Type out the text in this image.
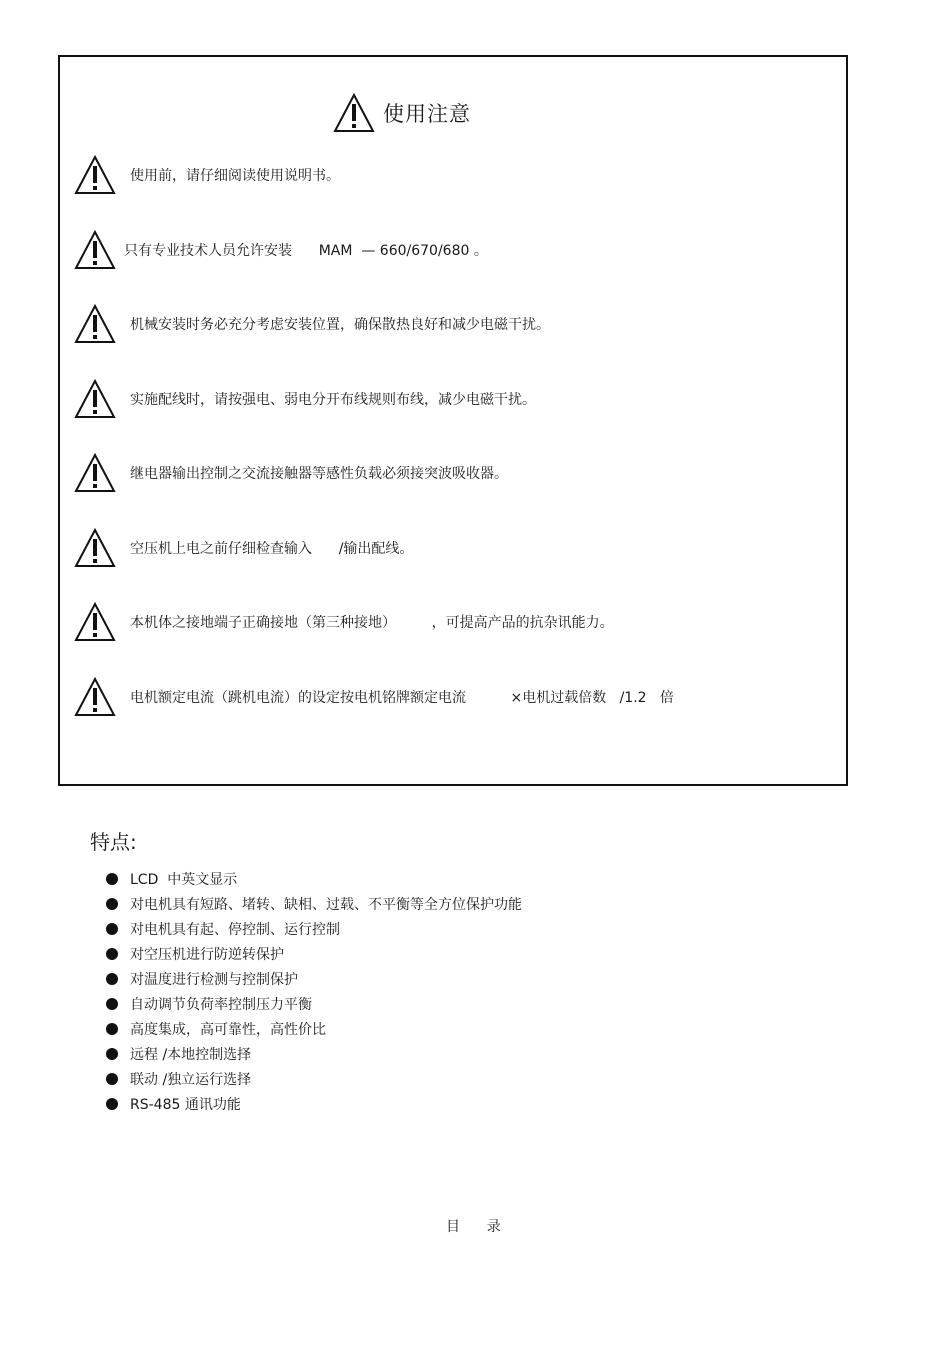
使用注意
使用前，请仔细阅读使用说明书。
只有专业技术人员允许安装      MAM  — 660/670/680 。
机械安装时务必充分考虑安装位置，确保散热良好和减少电磁干扰。
实施配线时，请按强电、弱电分开布线规则布线，减少电磁干扰。
继电器输出控制之交流接触器等感性负载必须接突波吸收器。
空压机上电之前仔细检查输入      /输出配线。
本机体之接地端子正确接地（第三种接地）        ，可提高产品的抗杂讯能力。
电机额定电流（跳机电流）的设定按电机铭牌额定电流          ×电机过载倍数   /1.2   倍
特点:
LCD  中英文显示
对电机具有短路、堵转、缺相、过载、不平衡等全方位保护功能
对电机具有起、停控制、运行控制
对空压机进行防逆转保护
对温度进行检测与控制保护
自动调节负荷率控制压力平衡
高度集成，高可靠性，高性价比
远程 /本地控制选择
联动 /独立运行选择
RS-485 通讯功能
目      录
